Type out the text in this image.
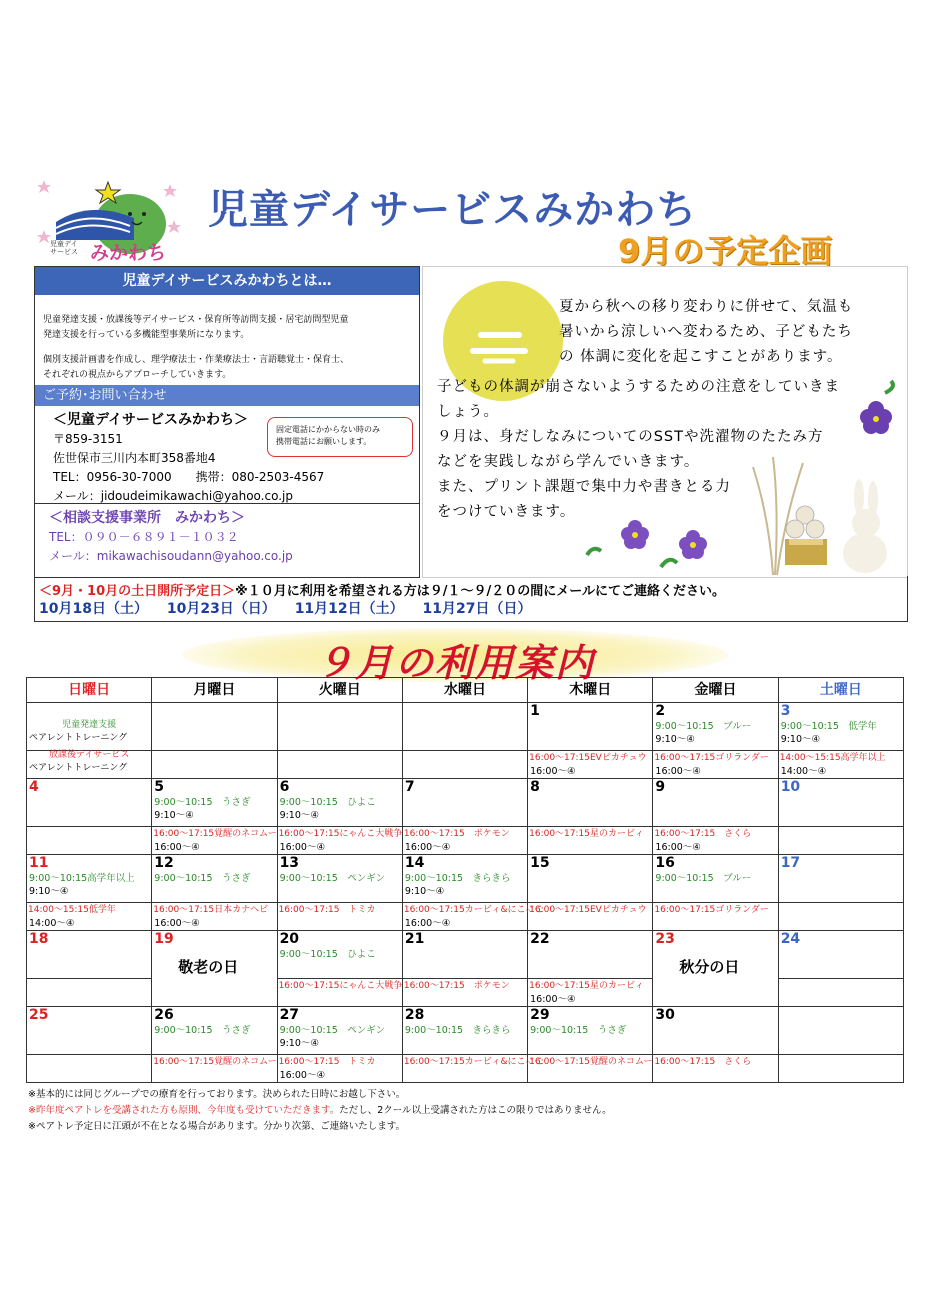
児童デイ サービス みかわち
児童デイサービスみかわち
9月の予定企画
児童デイサービスみかわちとは…
児童発達支援・放課後等デイサービス・保育所等訪問支援・居宅訪問型児童
発達支援を行っている多機能型事業所になります。
個別支援計画書を作成し、理学療法士・作業療法士・言語聴覚士・保育士、
それぞれの視点からアプローチしていきます。
ご予約･お問い合わせ
＜児童デイサービスみかわち＞
〒859-3151
佐世保市三川内本町358番地4
TEL：0956-30-7000　　携帯：080-2503-4567
メール：jidoudeimikawachi@yahoo.co.jp
固定電話にかからない時のみ
携帯電話にお願いします。
＜相談支援事業所　みかわち＞
TEL：０９０－６８９１－１０３２
メール：mikawachisoudann@yahoo.co.jp
夏から秋への移り変わりに併せて、気温も
暑いから涼しいへ変わるため、子どもたち
の 体調に変化を起こすことがあります。
子どもの体調が崩さないようするための注意をしていきま
しょう。
９月は、身だしなみについてのSSTや洗濯物のたたみ方
などを実践しながら学んでいきます。
また、プリント課題で集中力や書きとる力
をつけていきます。
＜9月・10月の土日開所予定日＞※１０月に利用を希望される方は９/１～９/２０の間にメールにてご連絡ください。
10月18日（土） 10月23日（日） 11月12日（土） 11月27日（日）
９月の利用案内
日曜日	月曜日	火曜日	水曜日	木曜日	金曜日	土曜日

児童発達支援
ペアレントトレーニング				1	2
9:00～10:15　ブルー
9:10～④	3
9:00～10:15　低学年
9:10～④

放課後デイサービス
ペアレントトレーニング				16:00～17:15EVピカチュウ
16:00～④	16:00～17:15ゴリランダー
16:00～④	14:00～15:15高学年以上
14:00～④

4	5
9:00～10:15　うさぎ
9:10～④	6
9:00～10:15　ひよこ
9:10～④	7	8	9	10

	16:00～17:15覚醒のネコムー
16:00～④	16:00～17:15にゃんこ大戦争
16:00～④	16:00～17:15　ポケモン
16:00～④	16:00～17:15星のカービィ	16:00～17:15　さくら
16:00～④	

11
9:00～10:15高学年以上
9:10～④	12
9:00～10:15　うさぎ	13
9:00～10:15　ペンギン	14
9:00～10:15　きらきら
9:10～④	15	16
9:00～10:15　ブルー	17

14:00～15:15低学年
14:00～④	16:00～17:15日本カナヘビ
16:00～④	16:00～17:15　トミカ	16:00～17:15カービィ&にこにこ
16:00～④	16:00～17:15EVピカチュウ	16:00～17:15ゴリランダー	

18	19
敬老の日	20
9:00～10:15　ひよこ	21	22	23
秋分の日	24

		16:00～17:15にゃんこ大戦争	16:00～17:15　ポケモン	16:00～17:15星のカービィ
16:00～④		

25	26
9:00～10:15　うさぎ	27
9:00～10:15　ペンギン
9:10～④	28
9:00～10:15　きらきら	29
9:00～10:15　うさぎ	30	

	16:00～17:15覚醒のネコムー	16:00～17:15　トミカ
16:00～④	16:00～17:15カービィ&にこにこ	16:00～17:15覚醒のネコムー	16:00～17:15　さくら	

※基本的には同じグループでの療育を行っております。決められた日時にお越し下さい。
※昨年度ペアトレを受講された方も原則、今年度も受けていただきます。ただし、2クール以上受講された方はこの限りではありません。
※ペアトレ予定日に江頭が不在となる場合があります。分かり次第、ご連絡いたします。
